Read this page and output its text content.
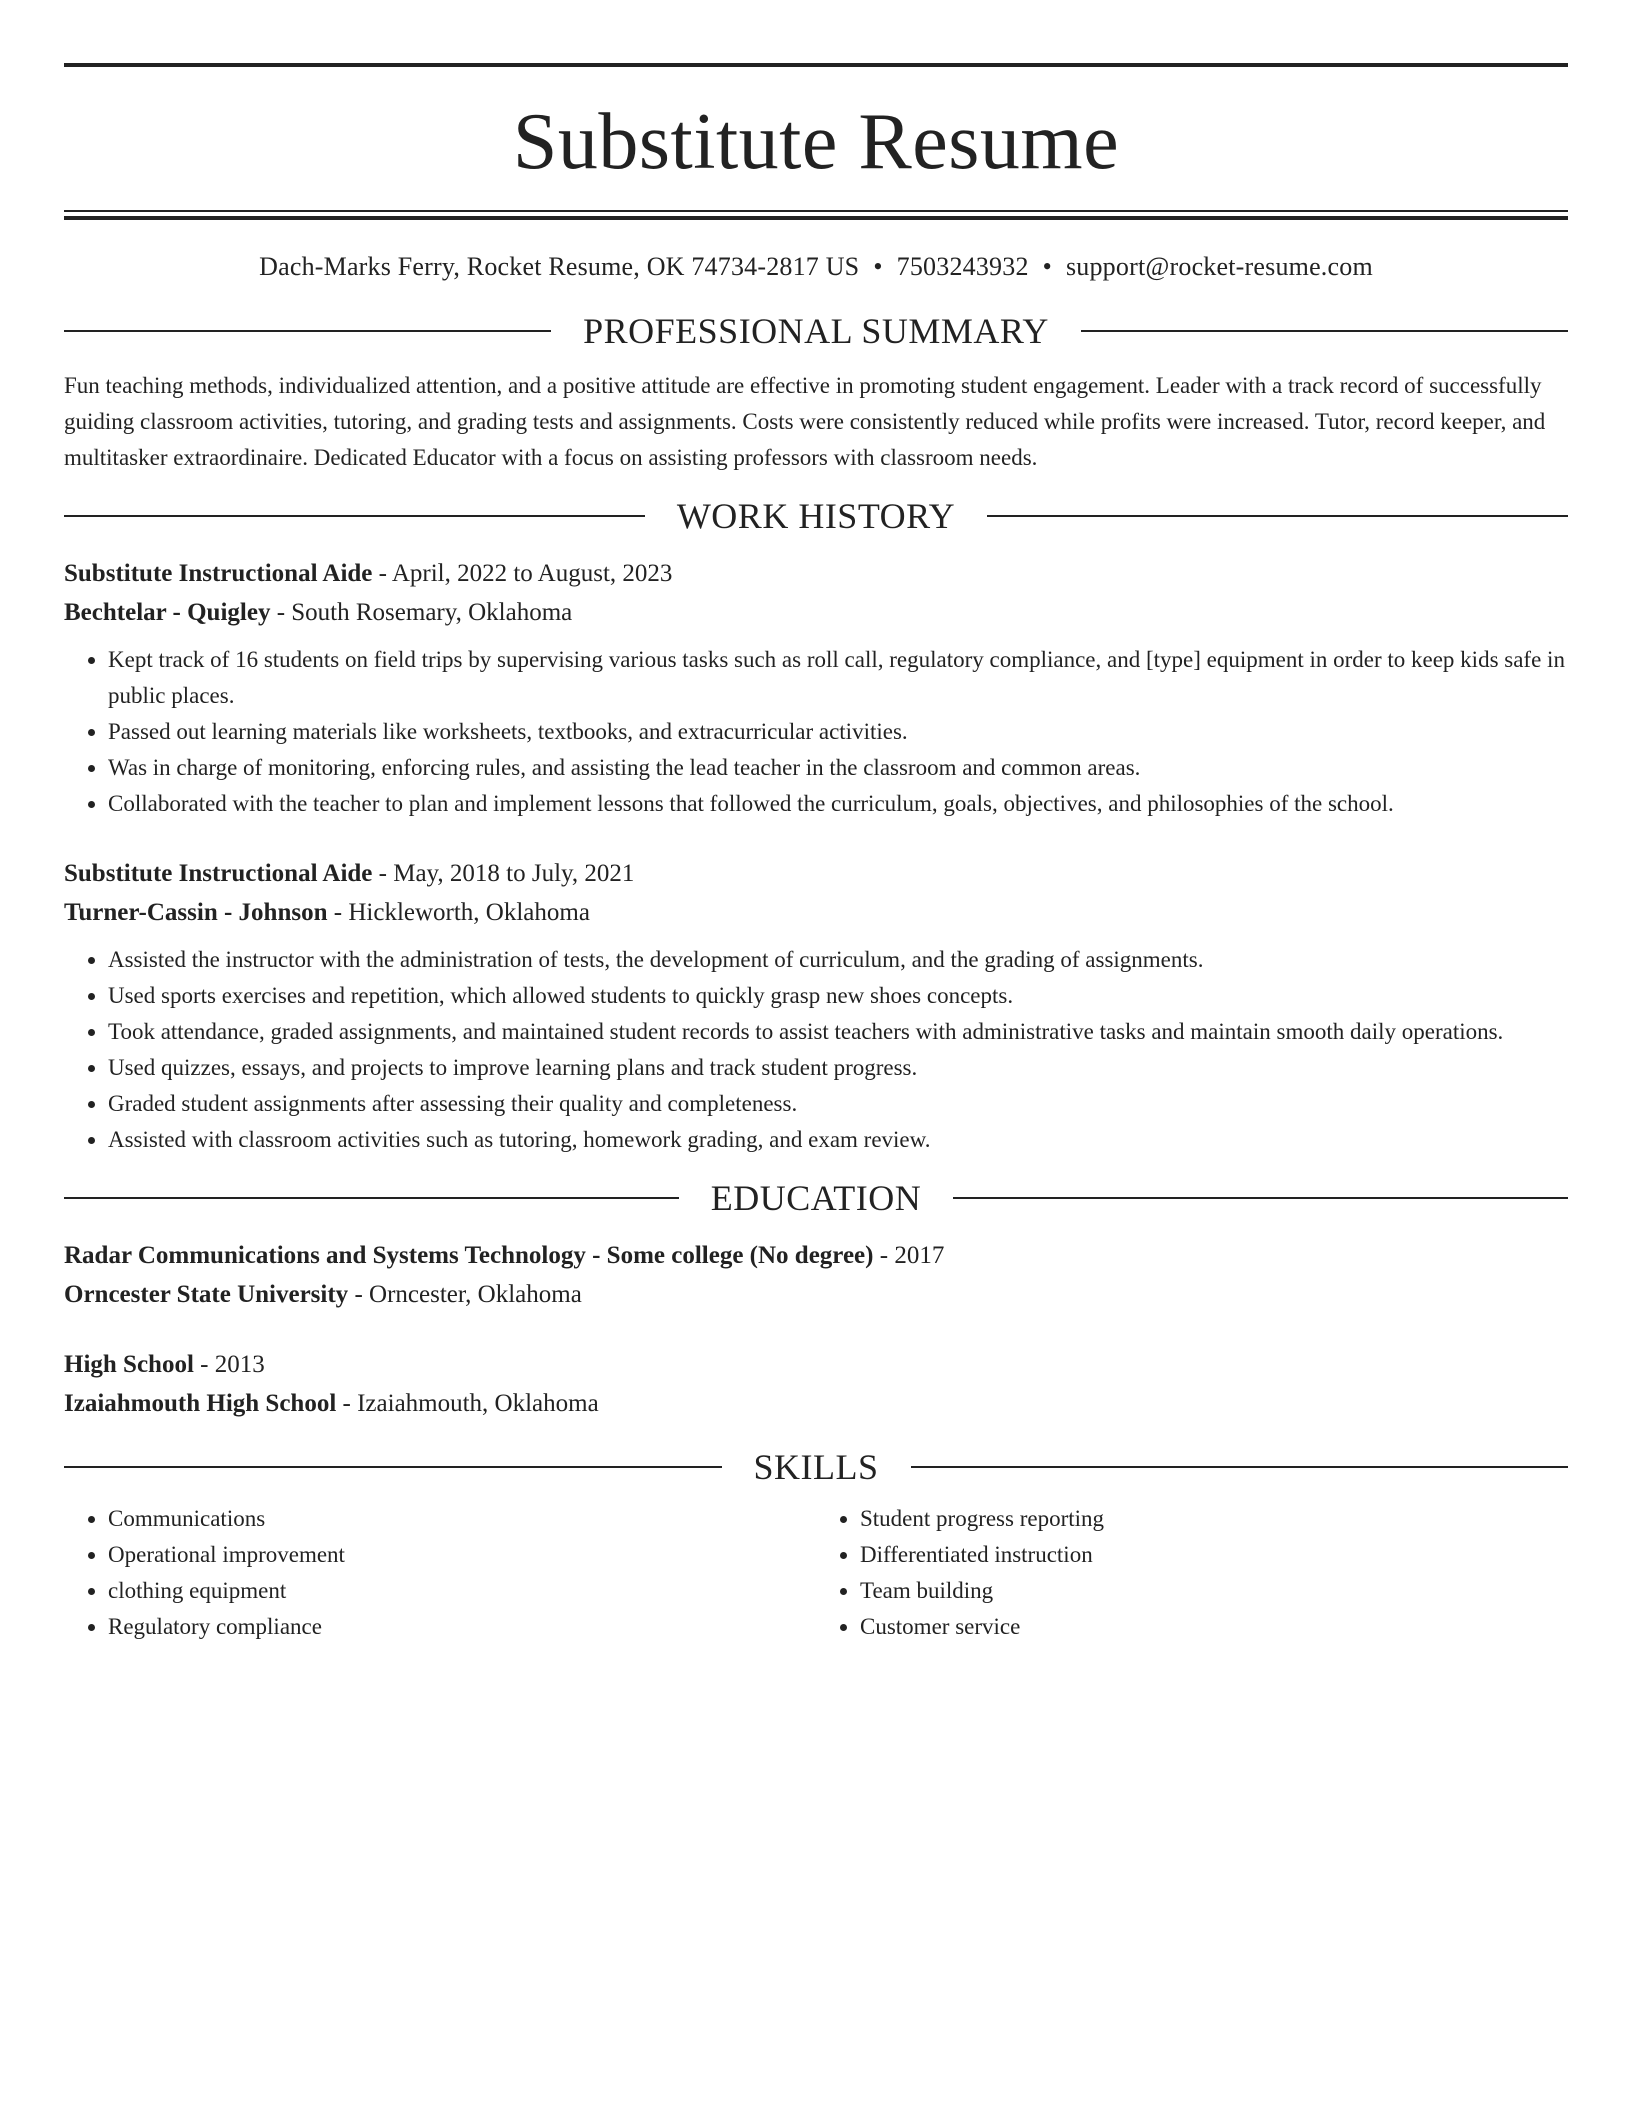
Substitute Resume
Dach-Marks Ferry, Rocket Resume, OK 74734-2817 US • 7503243932 • support@rocket-resume.com
PROFESSIONAL SUMMARY
Fun teaching methods, individualized attention, and a positive attitude are effective in promoting student engagement. Leader with a track record of successfully guiding classroom activities, tutoring, and grading tests and assignments. Costs were consistently reduced while profits were increased. Tutor, record keeper, and multitasker extraordinaire. Dedicated Educator with a focus on assisting professors with classroom needs.
WORK HISTORY
Substitute Instructional Aide - April, 2022 to August, 2023
Bechtelar - Quigley - South Rosemary, Oklahoma
• Kept track of 16 students on field trips by supervising various tasks such as roll call, regulatory compliance, and [type] equipment in order to keep kids safe in public places.
• Passed out learning materials like worksheets, textbooks, and extracurricular activities.
• Was in charge of monitoring, enforcing rules, and assisting the lead teacher in the classroom and common areas.
• Collaborated with the teacher to plan and implement lessons that followed the curriculum, goals, objectives, and philosophies of the school.
Substitute Instructional Aide - May, 2018 to July, 2021
Turner-Cassin - Johnson - Hickleworth, Oklahoma
• Assisted the instructor with the administration of tests, the development of curriculum, and the grading of assignments.
• Used sports exercises and repetition, which allowed students to quickly grasp new shoes concepts.
• Took attendance, graded assignments, and maintained student records to assist teachers with administrative tasks and maintain smooth daily operations.
• Used quizzes, essays, and projects to improve learning plans and track student progress.
• Graded student assignments after assessing their quality and completeness.
• Assisted with classroom activities such as tutoring, homework grading, and exam review.
EDUCATION
Radar Communications and Systems Technology - Some college (No degree) - 2017
Orncester State University - Orncester, Oklahoma
High School - 2013
Izaiahmouth High School - Izaiahmouth, Oklahoma
SKILLS
• Communications
• Operational improvement
• clothing equipment
• Regulatory compliance
• Student progress reporting
• Differentiated instruction
• Team building
• Customer service
